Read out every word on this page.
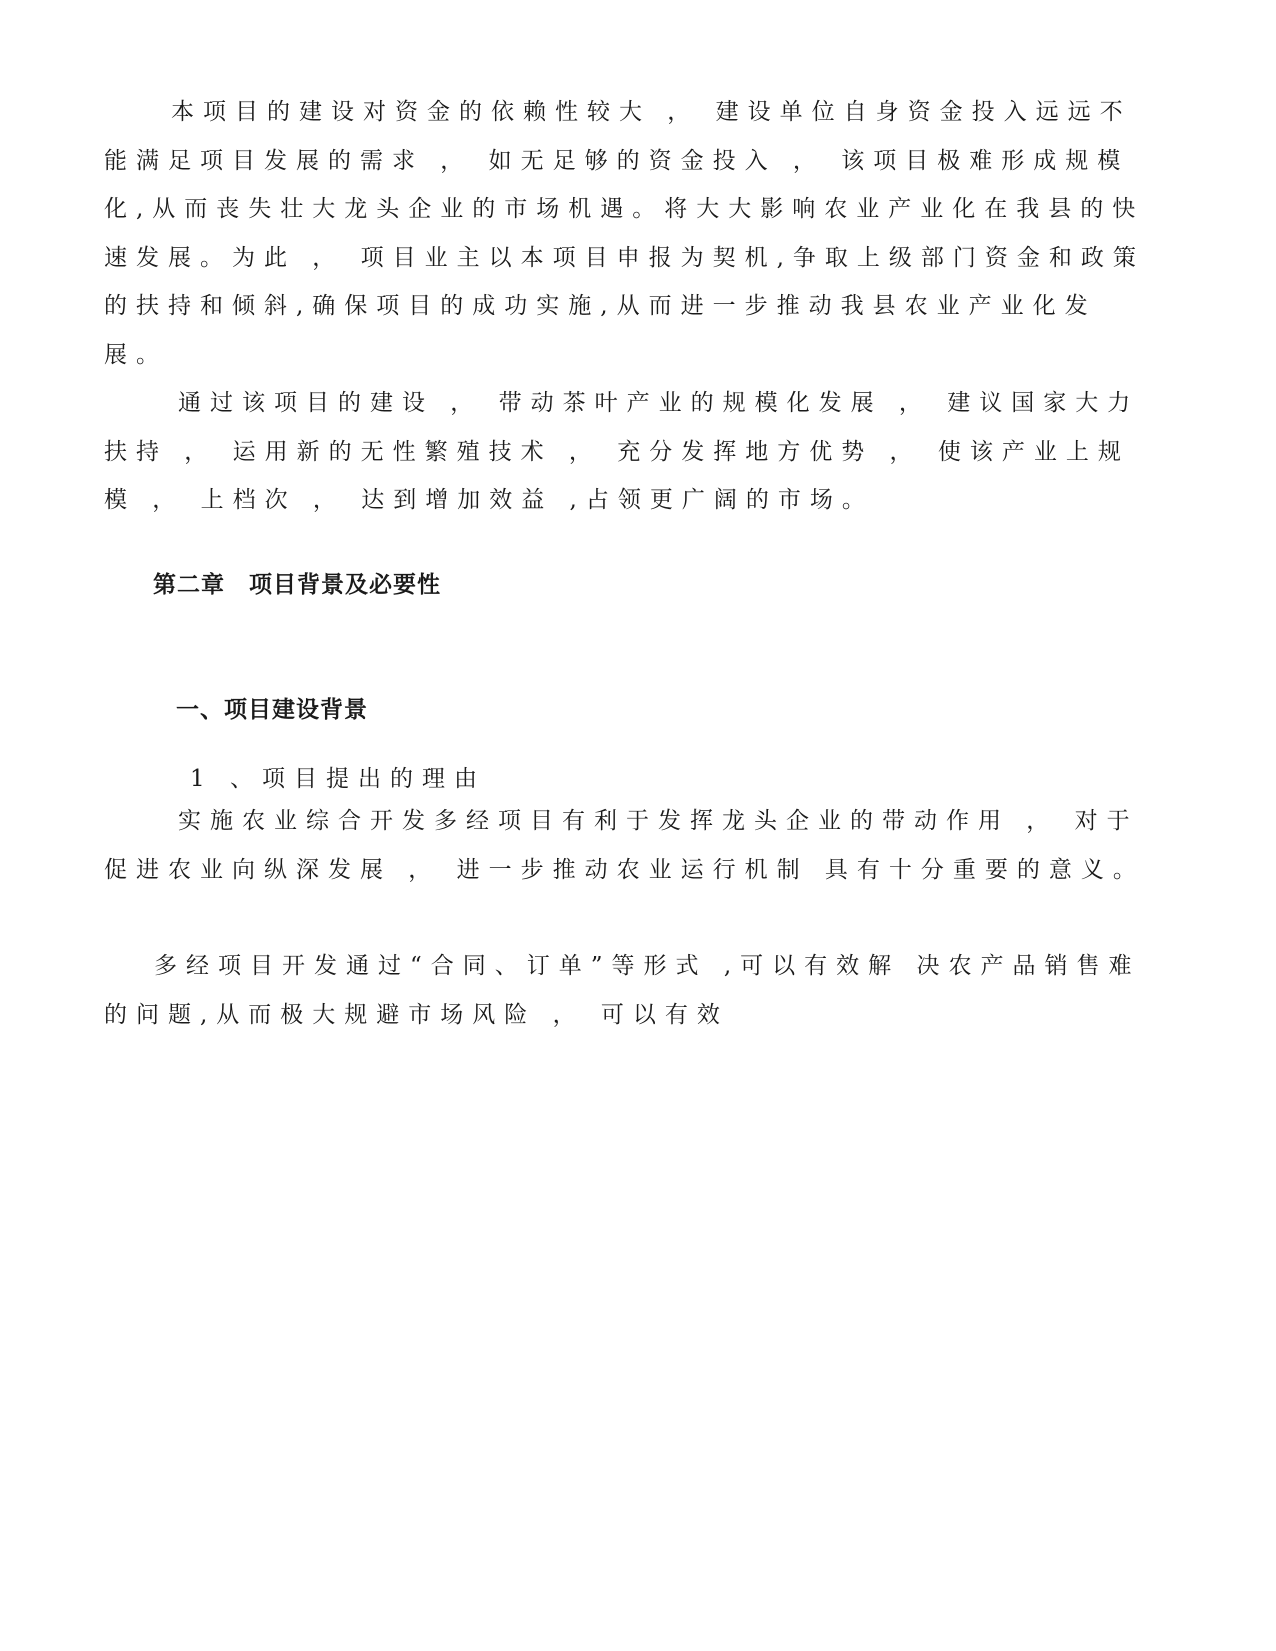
本项目的建设对资金的依赖性较大 ， 建设单位自身资金投入远远不能满足项目发展的需求 ， 如无足够的资金投入 ， 该项目极难形成规模化,从而丧失壮大龙头企业的市场机遇。将大大影响农业产业化在我县的快速发展。为此 ， 项目业主以本项目申报为契机,争取上级部门资金和政策的扶持和倾斜,确保项目的成功实施,从而进一步推动我县农业产业化发展。

通过该项目的建设 ， 带动茶叶产业的规模化发展 ， 建议国家大力扶持 ， 运用新的无性繁殖技术 ， 充分发挥地方优势 ， 使该产业上规模 ， 上档次 ， 达到增加效益 ,占领更广阔的市场。

第二章　项目背景及必要性
一、项目建设背景
1 、项目提出的理由

实施农业综合开发多经项目有利于发挥龙头企业的带动作用 ， 对于促进农业向纵深发展 ， 进一步推动农业运行机制 具有十分重要的意义。

多经项目开发通过“合同、订单”等形式 ,可以有效解 决农产品销售难的问题,从而极大规避市场风险 ， 可以有效
